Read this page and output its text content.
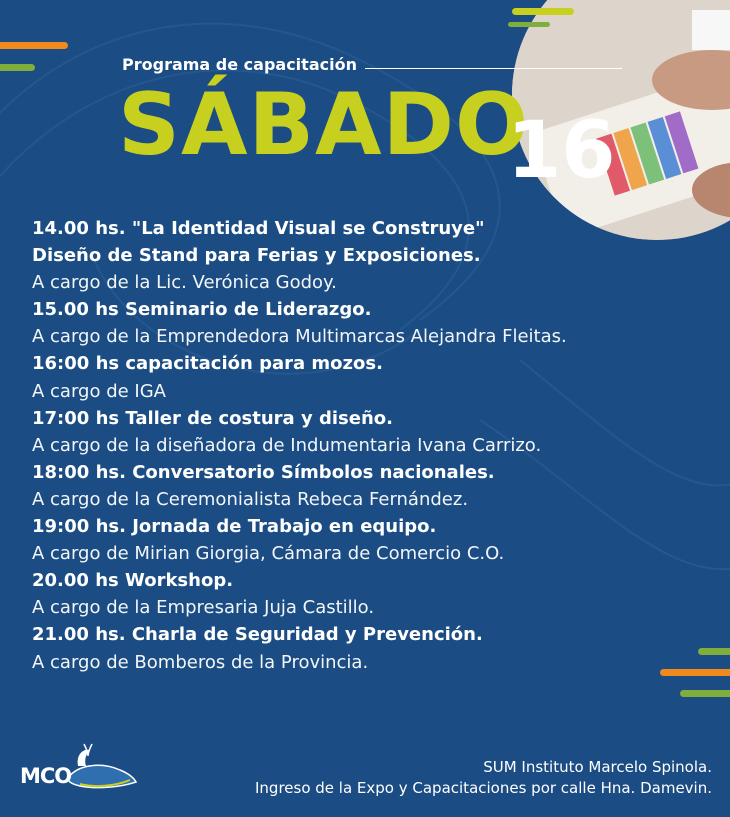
Programa de capacitación
SÁBADO
16
14.00 hs. "La Identidad Visual se Construye"
Diseño de Stand para Ferias y Exposiciones.
A cargo de la Lic. Verónica Godoy.
15.00 hs Seminario de Liderazgo.
A cargo de la Emprendedora Multimarcas Alejandra Fleitas.
16:00 hs capacitación para mozos.
A cargo de IGA
17:00 hs Taller de costura y diseño.
A cargo de la diseñadora de Indumentaria Ivana Carrizo.
18:00 hs. Conversatorio Símbolos nacionales.
A cargo de la Ceremonialista Rebeca Fernández.
19:00 hs. Jornada de Trabajo en equipo.
A cargo de Mirian Giorgia, Cámara de Comercio C.O.
20.00 hs Workshop.
A cargo de la Empresaria Juja Castillo.
21.00 hs. Charla de Seguridad y Prevención.
A cargo de Bomberos de la Provincia.
MCO	SUM Instituto Marcelo Spinola.
Ingreso de la Expo y Capacitaciones por calle Hna. Damevin.
